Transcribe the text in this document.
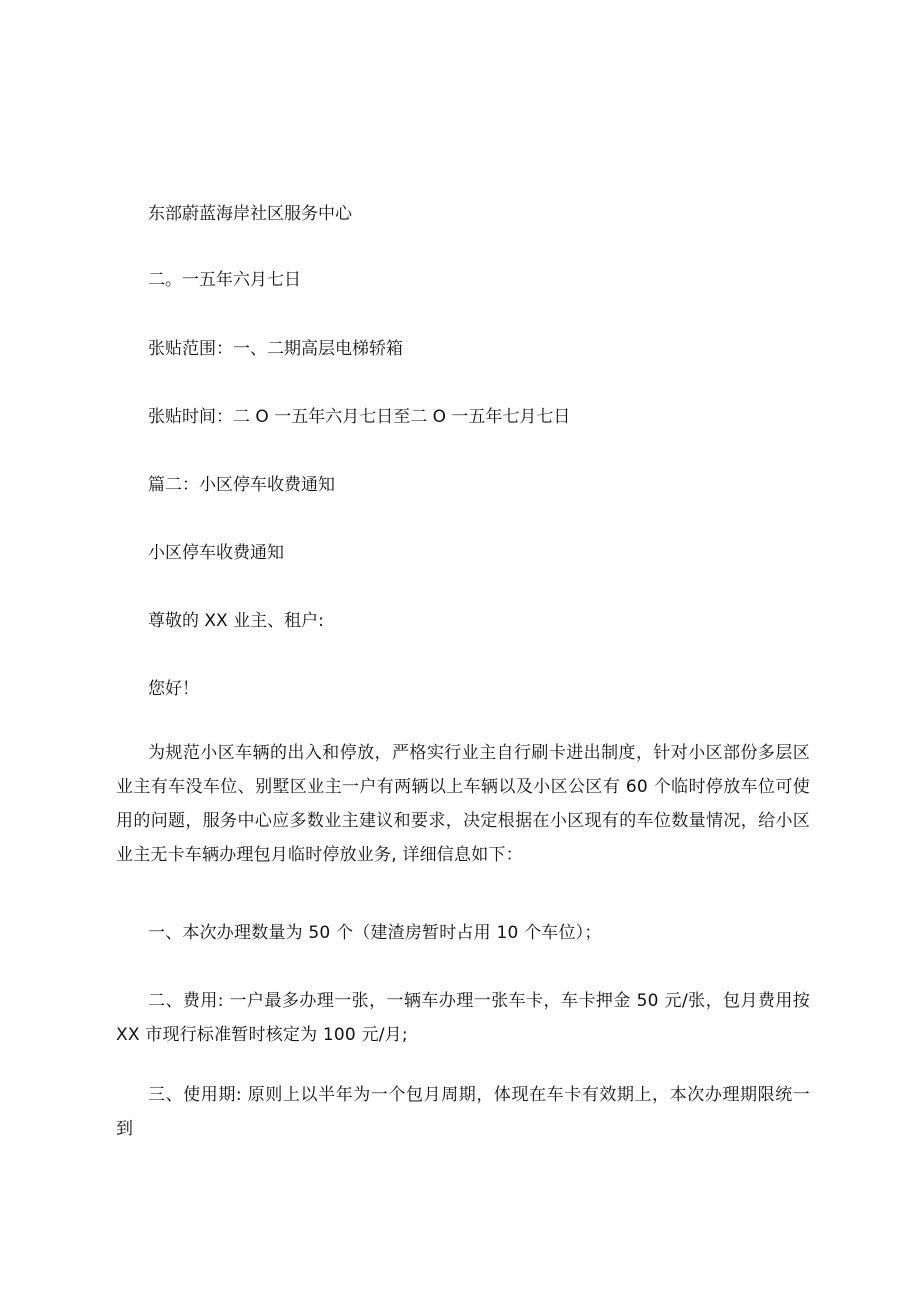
东部蔚蓝海岸社区服务中心
二。一五年六月七日
张贴范围：一、二期高层电梯轿箱
张贴时间：二 O 一五年六月七日至二 O 一五年七月七日
篇二：小区停车收费通知
小区停车收费通知
尊敬的 XX 业主、租户:
您好！
为规范小区车辆的出入和停放，严格实行业主自行刷卡进出制度，针对小区部份多层区业主有车没车位、别墅区业主一户有两辆以上车辆以及小区公区有 60 个临时停放车位可使用的问题，服务中心应多数业主建议和要求，决定根据在小区现有的车位数量情况，给小区业主无卡车辆办理包月临时停放业务, 详细信息如下：
一、本次办理数量为 50 个（建渣房暂时占用 10 个车位）；
二、费用: 一户最多办理一张，一辆车办理一张车卡，车卡押金 50 元/张，包月费用按 XX 市现行标准暂时核定为 100 元/月;
三、使用期: 原则上以半年为一个包月周期，体现在车卡有效期上，本次办理期限统一到
